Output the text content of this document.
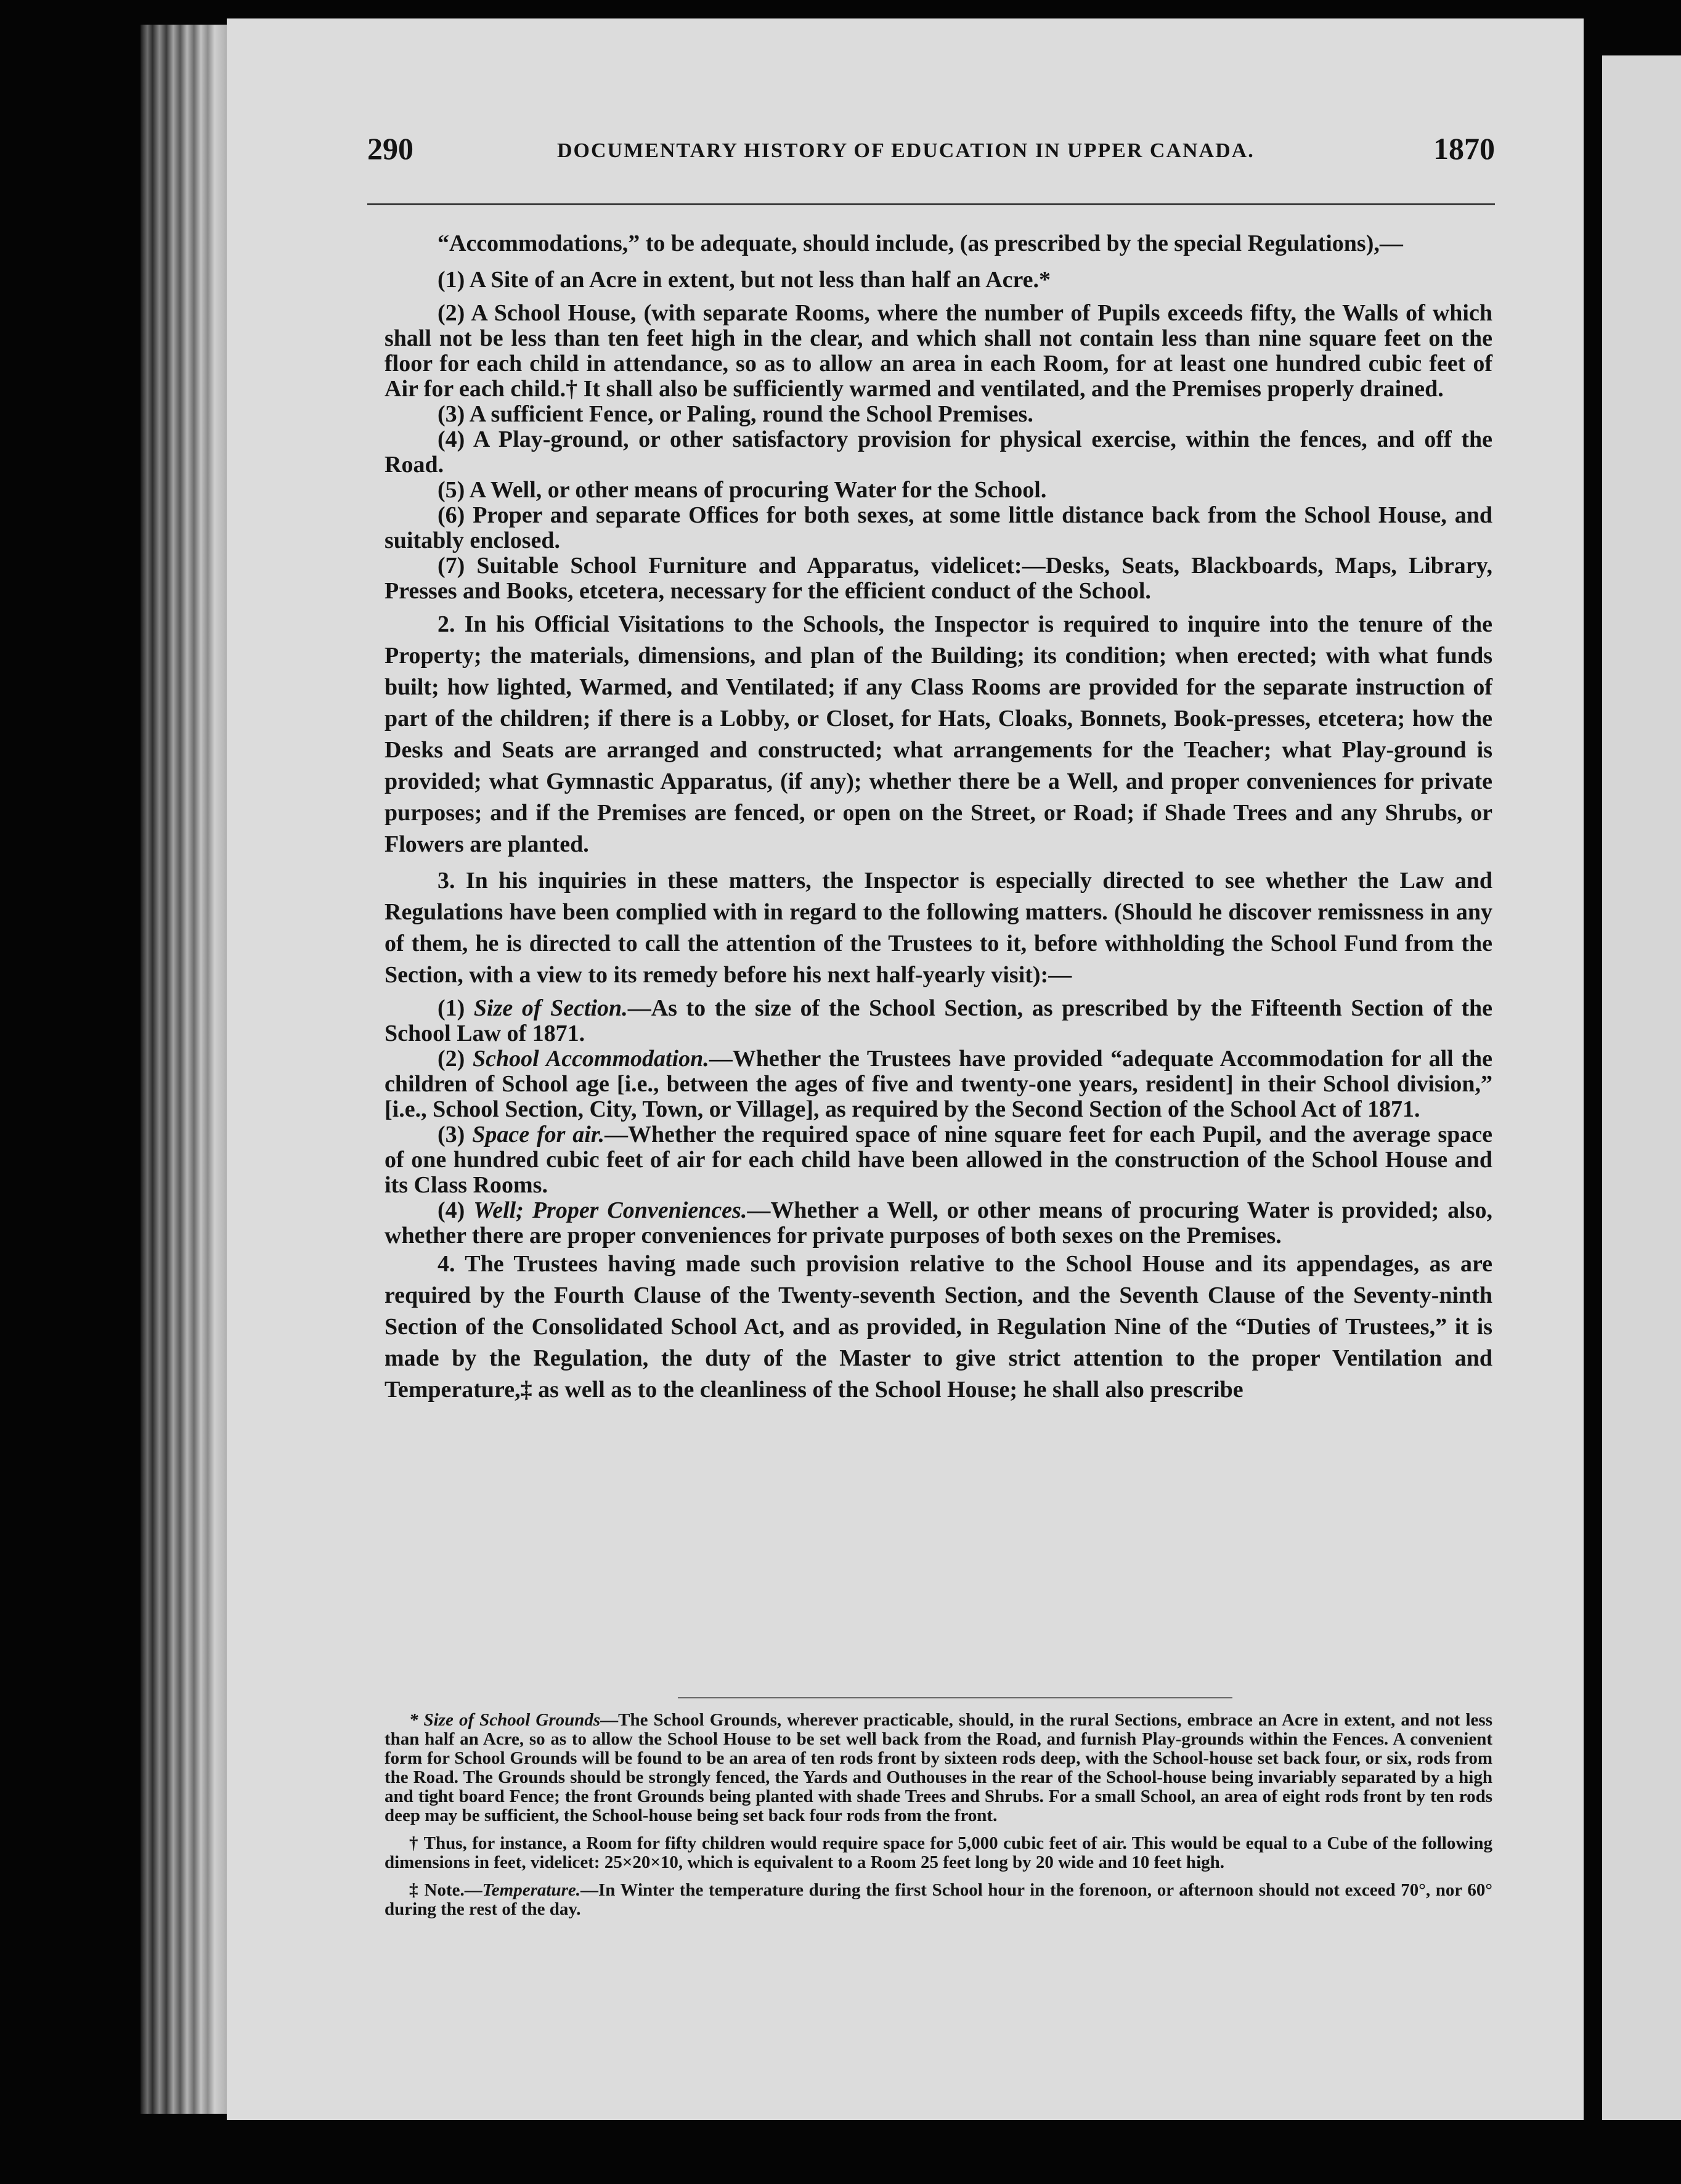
290	DOCUMENTARY HISTORY OF EDUCATION IN UPPER CANADA.	1870

“Accommodations,” to be adequate, should include, (as prescribed by the special Regulations),—

(1) A Site of an Acre in extent, but not less than half an Acre.*

(2) A School House, (with separate Rooms, where the number of Pupils exceeds fifty, the Walls of which shall not be less than ten feet high in the clear, and which shall not contain less than nine square feet on the floor for each child in attendance, so as to allow an area in each Room, for at least one hundred cubic feet of Air for each child.† It shall also be sufficiently warmed and ventilated, and the Premises properly drained.

(3) A sufficient Fence, or Paling, round the School Premises.

(4) A Play-ground, or other satisfactory provision for physical exercise, within the fences, and off the Road.

(5) A Well, or other means of procuring Water for the School.

(6) Proper and separate Offices for both sexes, at some little distance back from the School House, and suitably enclosed.

(7) Suitable School Furniture and Apparatus, videlicet:—Desks, Seats, Blackboards, Maps, Library, Presses and Books, etcetera, necessary for the efficient conduct of the School.

2. In his Official Visitations to the Schools, the Inspector is required to inquire into the tenure of the Property; the materials, dimensions, and plan of the Building; its condition; when erected; with what funds built; how lighted, Warmed, and Ventilated; if any Class Rooms are provided for the separate instruction of part of the children; if there is a Lobby, or Closet, for Hats, Cloaks, Bonnets, Book-presses, etcetera; how the Desks and Seats are arranged and constructed; what arrangements for the Teacher; what Play-ground is provided; what Gymnastic Apparatus, (if any); whether there be a Well, and proper conveniences for private purposes; and if the Premises are fenced, or open on the Street, or Road; if Shade Trees and any Shrubs, or Flowers are planted.

3. In his inquiries in these matters, the Inspector is especially directed to see whether the Law and Regulations have been complied with in regard to the following matters. (Should he discover remissness in any of them, he is directed to call the attention of the Trustees to it, before withholding the School Fund from the Section, with a view to its remedy before his next half-yearly visit):—

(1) Size of Section.—As to the size of the School Section, as prescribed by the Fifteenth Section of the School Law of 1871.

(2) School Accommodation.—Whether the Trustees have provided “adequate Accommodation for all the children of School age [i.e., between the ages of five and twenty-one years, resident] in their School division,” [i.e., School Section, City, Town, or Village], as required by the Second Section of the School Act of 1871.

(3) Space for air.—Whether the required space of nine square feet for each Pupil, and the average space of one hundred cubic feet of air for each child have been allowed in the construction of the School House and its Class Rooms.

(4) Well; Proper Conveniences.—Whether a Well, or other means of procuring Water is provided; also, whether there are proper conveniences for private purposes of both sexes on the Premises.

4. The Trustees having made such provision relative to the School House and its appendages, as are required by the Fourth Clause of the Twenty-seventh Section, and the Seventh Clause of the Seventy-ninth Section of the Consolidated School Act, and as provided, in Regulation Nine of the “Duties of Trustees,” it is made by the Regulation, the duty of the Master to give strict attention to the proper Ventilation and Temperature,‡ as well as to the cleanliness of the School House; he shall also prescribe

* Size of School Grounds—The School Grounds, wherever practicable, should, in the rural Sections, embrace an Acre in extent, and not less than half an Acre, so as to allow the School House to be set well back from the Road, and furnish Play-grounds within the Fences. A convenient form for School Grounds will be found to be an area of ten rods front by sixteen rods deep, with the School-house set back four, or six, rods from the Road. The Grounds should be strongly fenced, the Yards and Outhouses in the rear of the School-house being invariably separated by a high and tight board Fence; the front Grounds being planted with shade Trees and Shrubs. For a small School, an area of eight rods front by ten rods deep may be sufficient, the School-house being set back four rods from the front.

† Thus, for instance, a Room for fifty children would require space for 5,000 cubic feet of air. This would be equal to a Cube of the following dimensions in feet, videlicet: 25×20×10, which is equivalent to a Room 25 feet long by 20 wide and 10 feet high.

‡ Note.—Temperature.—In Winter the temperature during the first School hour in the forenoon, or afternoon should not exceed 70°, nor 60° during the rest of the day.
